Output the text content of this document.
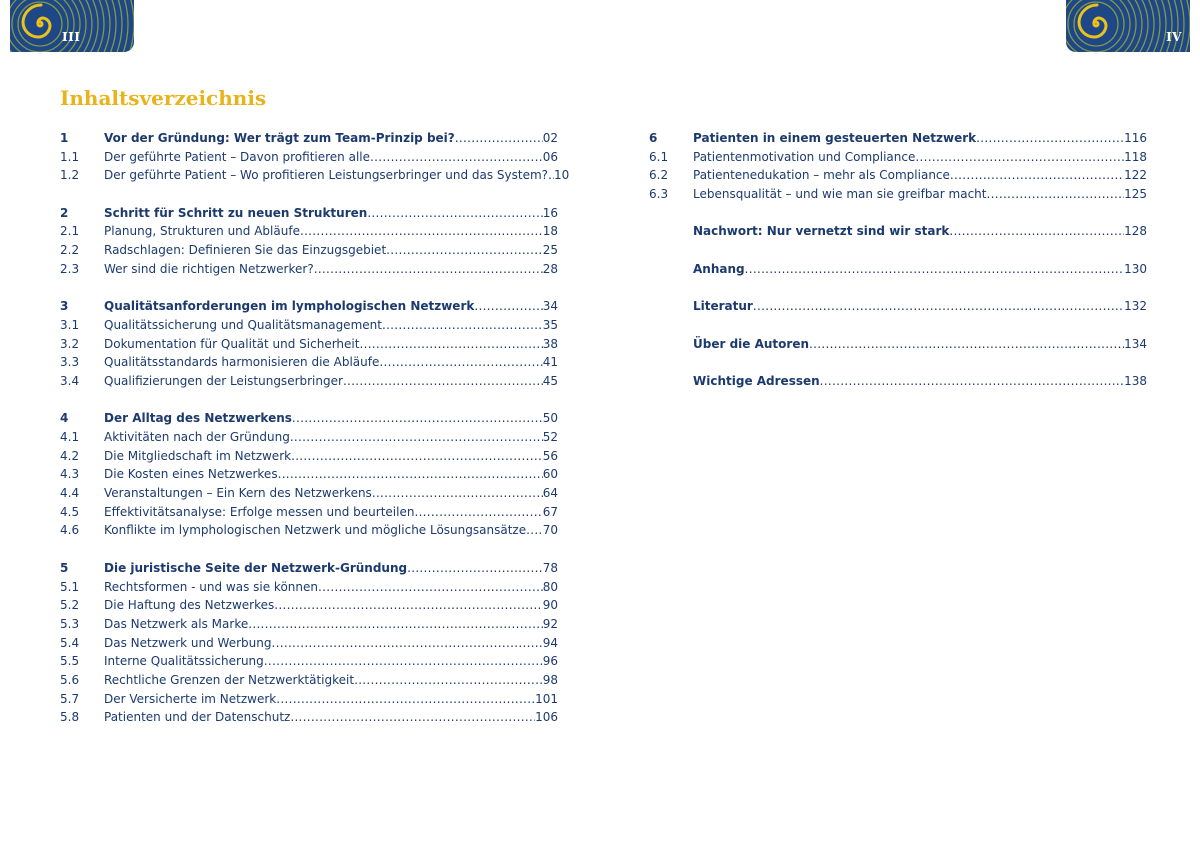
III	IV
Inhaltsverzeichnis
1	Vor der Gründung: Wer trägt zum Team-Prinzip bei? .....	02
1.1	Der geführte Patient – Davon profitieren alle .....	06
1.2	Der geführte Patient – Wo profitieren Leistungserbringer und das System? ..... 10
2	Schritt für Schritt zu neuen Strukturen .....	16
2.1	Planung, Strukturen und Abläufe .....	18
2.2	Radschlagen: Definieren Sie das Einzugsgebiet .....	25
2.3	Wer sind die richtigen Netzwerker? .....	28
3	Qualitätsanforderungen im lymphologischen Netzwerk .....	34
3.1	Qualitätssicherung und Qualitätsmanagement .....	35
3.2	Dokumentation für Qualität und Sicherheit .....	38
3.3	Qualitätsstandards harmonisieren die Abläufe .....	41
3.4	Qualifizierungen der Leistungserbringer .....	45
4	Der Alltag des Netzwerkens .....	50
4.1	Aktivitäten nach der Gründung .....	52
4.2	Die Mitgliedschaft im Netzwerk .....	56
4.3	Die Kosten eines Netzwerkes .....	60
4.4	Veranstaltungen – Ein Kern des Netzwerkens .....	64
4.5	Effektivitätsanalyse: Erfolge messen und beurteilen .....	67
4.6	Konflikte im lymphologischen Netzwerk und mögliche Lösungsansätze ..... 70
5	Die juristische Seite der Netzwerk-Gründung .....	78
5.1	Rechtsformen - und was sie können .....	80
5.2	Die Haftung des Netzwerkes .....	90
5.3	Das Netzwerk als Marke .....	92
5.4	Das Netzwerk und Werbung .....	94
5.5	Interne Qualitätssicherung .....	96
5.6	Rechtliche Grenzen der Netzwerktätigkeit .....	98
5.7	Der Versicherte im Netzwerk .....	101
5.8	Patienten und der Datenschutz .....	106
6	Patienten in einem gesteuerten Netzwerk .....	116
6.1	Patientenmotivation und Compliance .....	118
6.2	Patientenedukation – mehr als Compliance .....	122
6.3	Lebensqualität – und wie man sie greifbar macht .....	125
Nachwort: Nur vernetzt sind wir stark .....	128
Anhang .....	130
Literatur .....	132
Über die Autoren .....	134
Wichtige Adressen .....	138
